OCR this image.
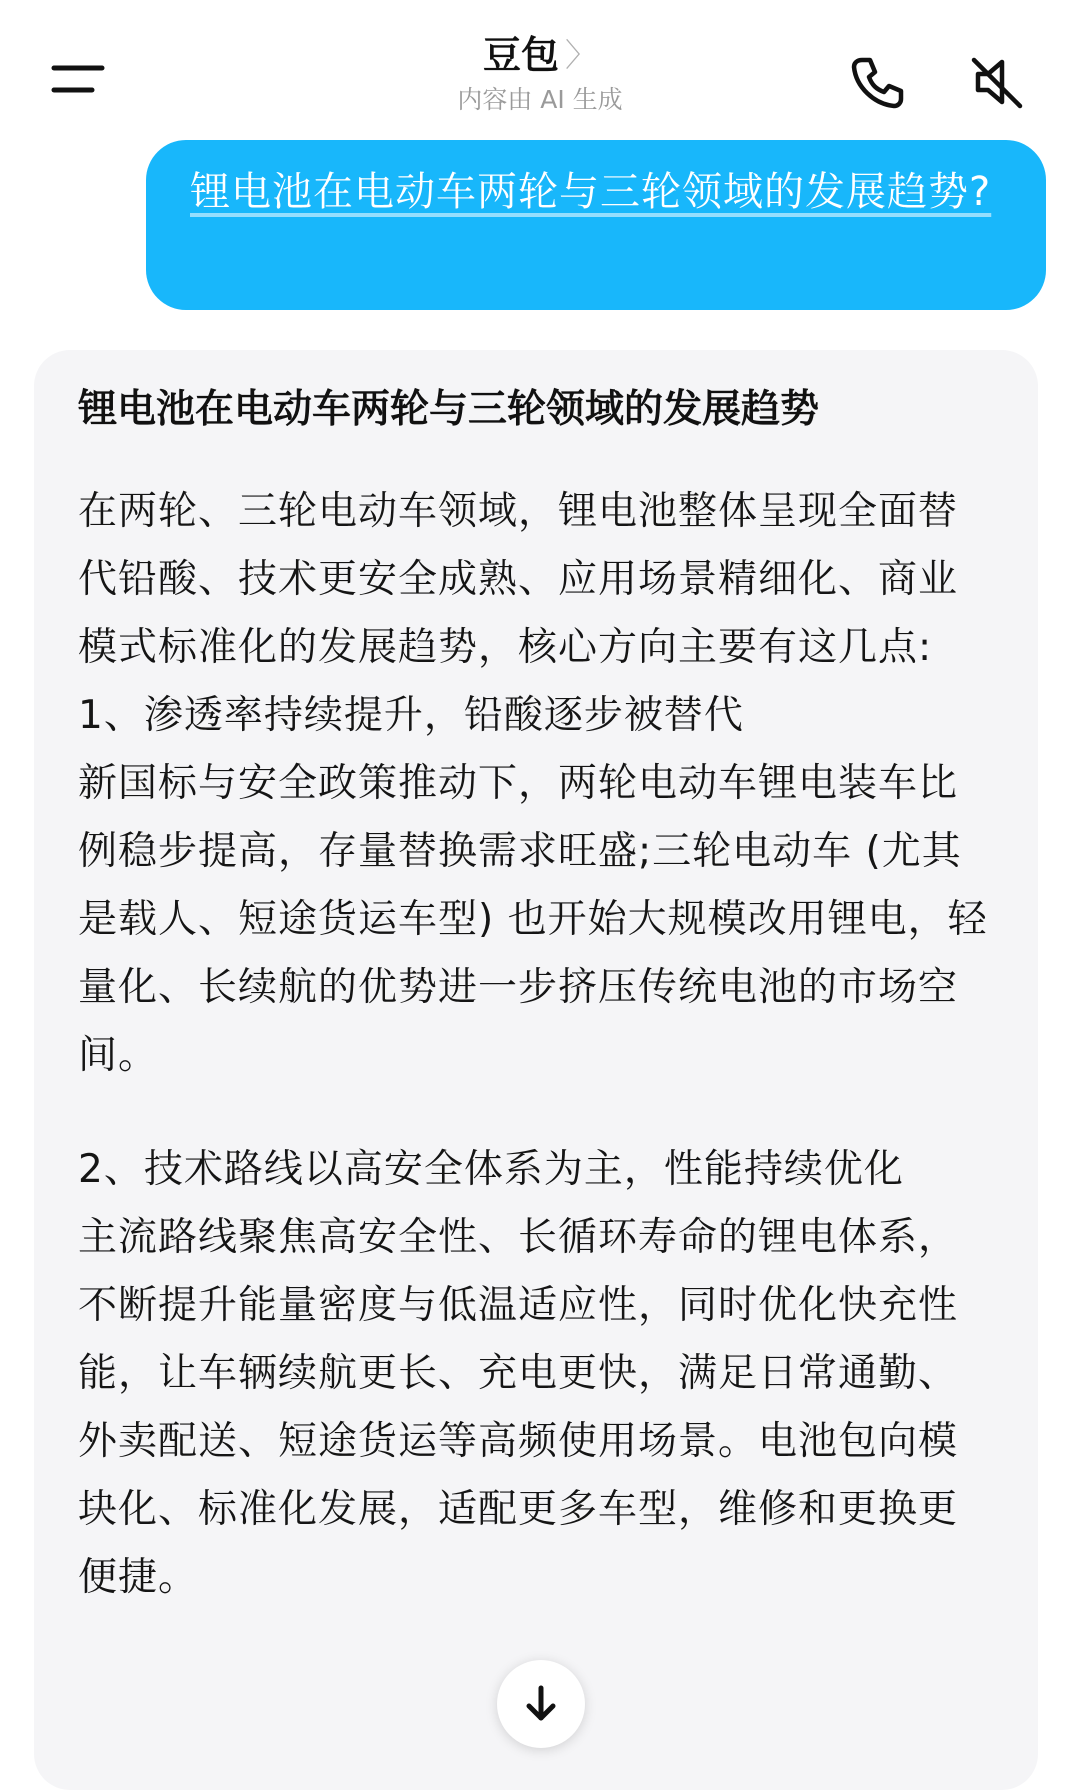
豆包 〉
内容由 AI 生成
锂电池在电动车两轮与三轮领域的发展趋势?
锂电池在电动车两轮与三轮领域的发展趋势

在两轮、三轮电动车领域，锂电池整体呈现全面替代铅酸、技术更安全成熟、应用场景精细化、商业模式标准化的发展趋势，核心方向主要有这几点:

1、渗透率持续提升，铅酸逐步被替代

新国标与安全政策推动下，两轮电动车锂电装车比例稳步提高，存量替换需求旺盛;三轮电动车 (尤其是载人、短途货运车型) 也开始大规模改用锂电，轻量化、长续航的优势进一步挤压传统电池的市场空间。

2、技术路线以高安全体系为主，性能持续优化

主流路线聚焦高安全性、长循环寿命的锂电体系，不断提升能量密度与低温适应性，同时优化快充性能，让车辆续航更长、充电更快，满足日常通勤、外卖配送、短途货运等高频使用场景。电池包向模块化、标准化发展，适配更多车型，维修和更换更便捷。
